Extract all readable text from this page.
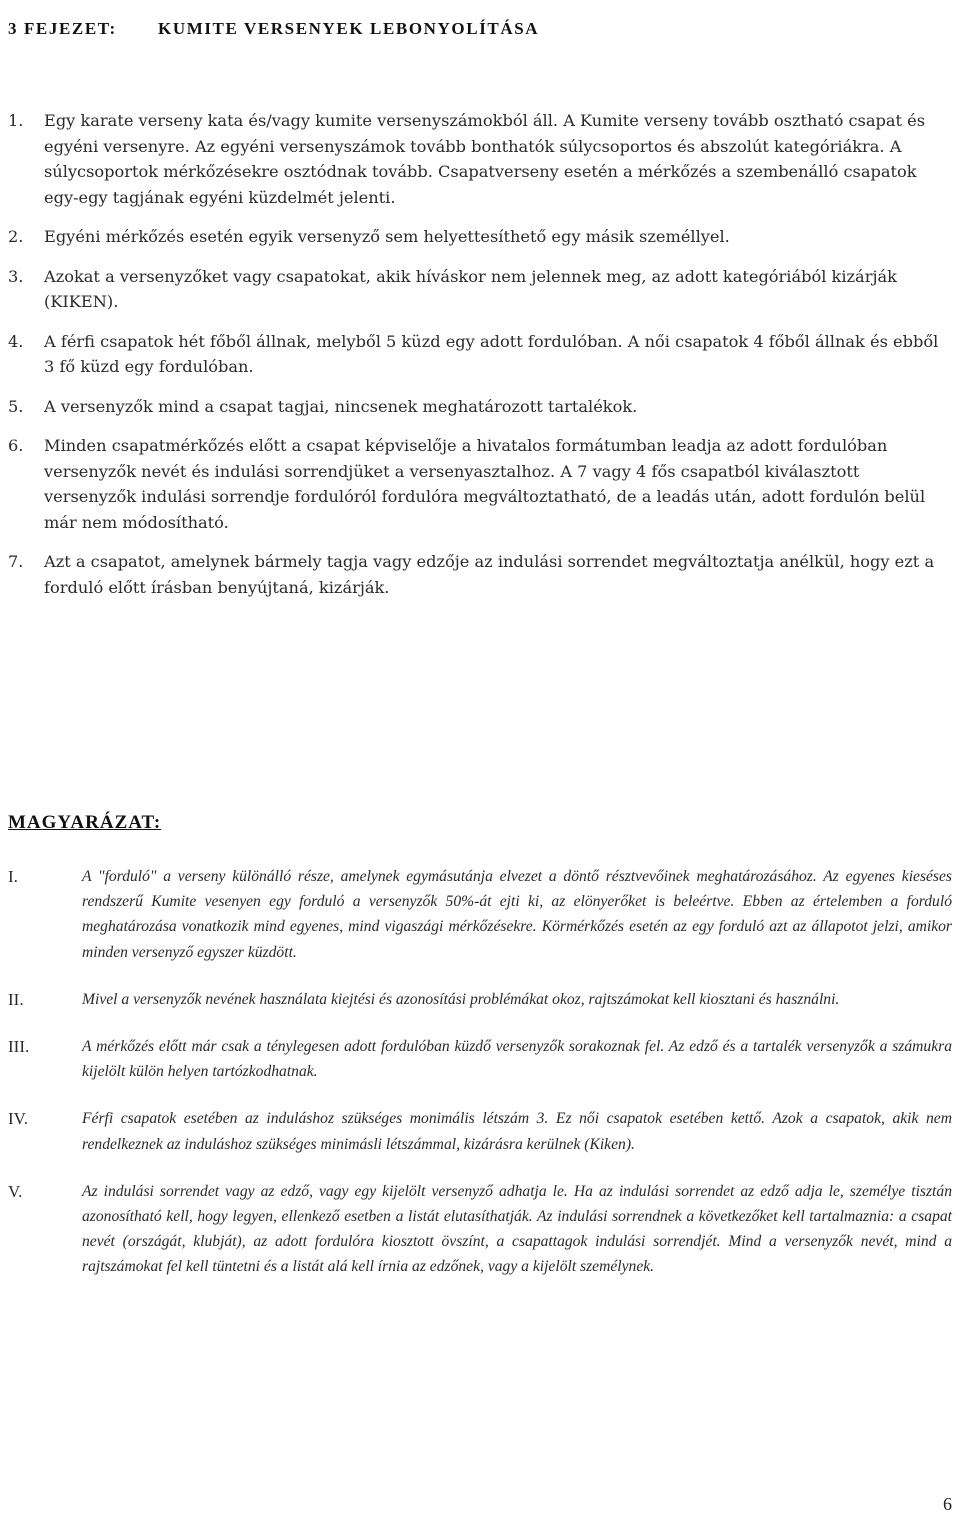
3 FEJEZET: KUMITE VERSENYEK LEBONYOLÍTÁSA
1.	Egy karate verseny kata és/vagy kumite versenyszámokból áll. A Kumite verseny tovább osztható csapat és egyéni versenyre. Az egyéni versenyszámok tovább bonthatók súlycsoportos és abszolút kategóriákra. A súlycsoportok mérkőzésekre osztódnak tovább. Csapatverseny esetén a mérkőzés a szembenálló csapatok egy-egy tagjának egyéni küzdelmét jelenti.
2.	Egyéni mérkőzés esetén egyik versenyző sem helyettesíthető egy másik személlyel.
3.	Azokat a versenyzőket vagy csapatokat, akik híváskor nem jelennek meg, az adott kategóriából kizárják (KIKEN).
4.	A férfi csapatok hét főből állnak, melyből 5 küzd egy adott fordulóban. A női csapatok 4 főből állnak és ebből 3 fő küzd egy fordulóban.
5.	A versenyzők mind a csapat tagjai, nincsenek meghatározott tartalékok.
6.	Minden csapatmérkőzés előtt a csapat képviselője a hivatalos formátumban leadja az adott fordulóban versenyzők nevét és indulási sorrendjüket a versenyasztalhoz. A 7 vagy 4 fős csapatból kiválasztott versenyzők indulási sorrendje fordulóról fordulóra megváltoztatható, de a leadás után, adott fordulón belül már nem módosítható.
7.	Azt a csapatot, amelynek bármely tagja vagy edzője az indulási sorrendet megváltoztatja anélkül, hogy ezt a forduló előtt írásban benyújtaná, kizárják.
MAGYARÁZAT:
I.	A "forduló" a verseny különálló része, amelynek egymásutánja elvezet a döntő résztvevőinek meghatározásához. Az egyenes kieséses rendszerű Kumite vesenyen egy forduló a versenyzők 50%-át ejti ki, az elönyerőket is beleértve. Ebben az értelemben a forduló meghatározása vonatkozik mind egyenes, mind vigaszági mérkőzésekre. Körmérkőzés esetén az egy forduló azt az állapotot jelzi, amikor minden versenyző egyszer küzdött.
II.	Mivel a versenyzők nevének használata kiejtési és azonosítási problémákat okoz, rajtszámokat kell kiosztani és használni.
III.	A mérkőzés előtt már csak a ténylegesen adott fordulóban küzdő versenyzők sorakoznak fel. Az edző és a tartalék versenyzők a számukra kijelölt külön helyen tartózkodhatnak.
IV.	Férfi csapatok esetében az induláshoz szükséges monimális létszám 3. Ez női csapatok esetében kettő. Azok a csapatok, akik nem rendelkeznek az induláshoz szükséges minimásli létszámmal, kizárásra kerülnek (Kiken).
V.	Az indulási sorrendet vagy az edző, vagy egy kijelölt versenyző adhatja le. Ha az indulási sorrendet az edző adja le, személye tisztán azonosítható kell, hogy legyen, ellenkező esetben a listát elutasíthatják. Az indulási sorrendnek a következőket kell tartalmaznia: a csapat nevét (országát, klubját), az adott fordulóra kiosztott övszínt, a csapattagok indulási sorrendjét. Mind a versenyzők nevét, mind a rajtszámokat fel kell tüntetni és a listát alá kell írnia az edzőnek, vagy a kijelölt személynek.
6
